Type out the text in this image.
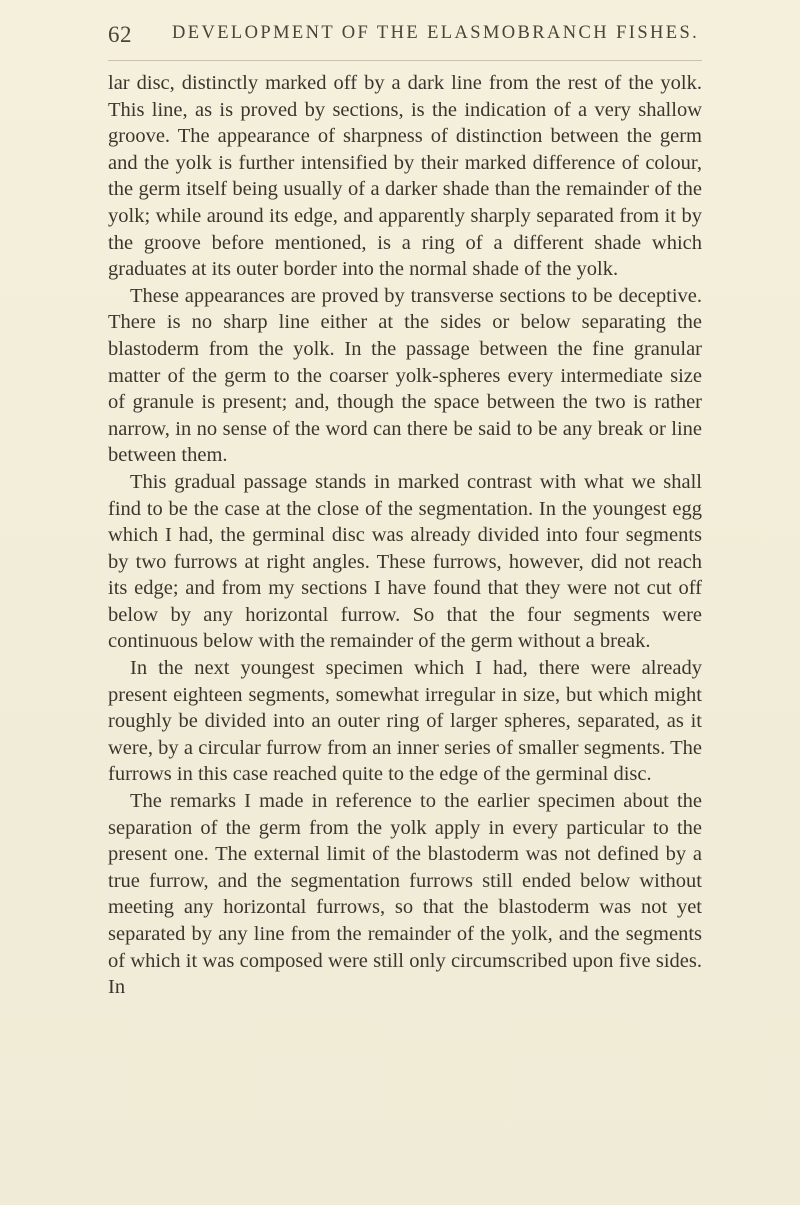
62 DEVELOPMENT OF THE ELASMOBRANCH FISHES.

lar disc, distinctly marked off by a dark line from the rest of the yolk. This line, as is proved by sections, is the indication of a very shallow groove. The appearance of sharpness of distinction between the germ and the yolk is further intensified by their marked difference of colour, the germ itself being usually of a darker shade than the remainder of the yolk; while around its edge, and apparently sharply separated from it by the groove before mentioned, is a ring of a different shade which graduates at its outer border into the normal shade of the yolk.

These appearances are proved by transverse sections to be deceptive. There is no sharp line either at the sides or below separating the blastoderm from the yolk. In the passage between the fine granular matter of the germ to the coarser yolk-spheres every intermediate size of granule is present; and, though the space between the two is rather narrow, in no sense of the word can there be said to be any break or line between them.

This gradual passage stands in marked contrast with what we shall find to be the case at the close of the segmentation. In the youngest egg which I had, the germinal disc was already divided into four segments by two furrows at right angles. These furrows, however, did not reach its edge; and from my sections I have found that they were not cut off below by any horizontal furrow. So that the four segments were continuous below with the remainder of the germ without a break.

In the next youngest specimen which I had, there were already present eighteen segments, somewhat irregular in size, but which might roughly be divided into an outer ring of larger spheres, separated, as it were, by a circular furrow from an inner series of smaller segments. The furrows in this case reached quite to the edge of the germinal disc.

The remarks I made in reference to the earlier specimen about the separation of the germ from the yolk apply in every particular to the present one. The external limit of the blastoderm was not defined by a true furrow, and the segmentation furrows still ended below without meeting any horizontal furrows, so that the blastoderm was not yet separated by any line from the remainder of the yolk, and the segments of which it was composed were still only circumscribed upon five sides. In
